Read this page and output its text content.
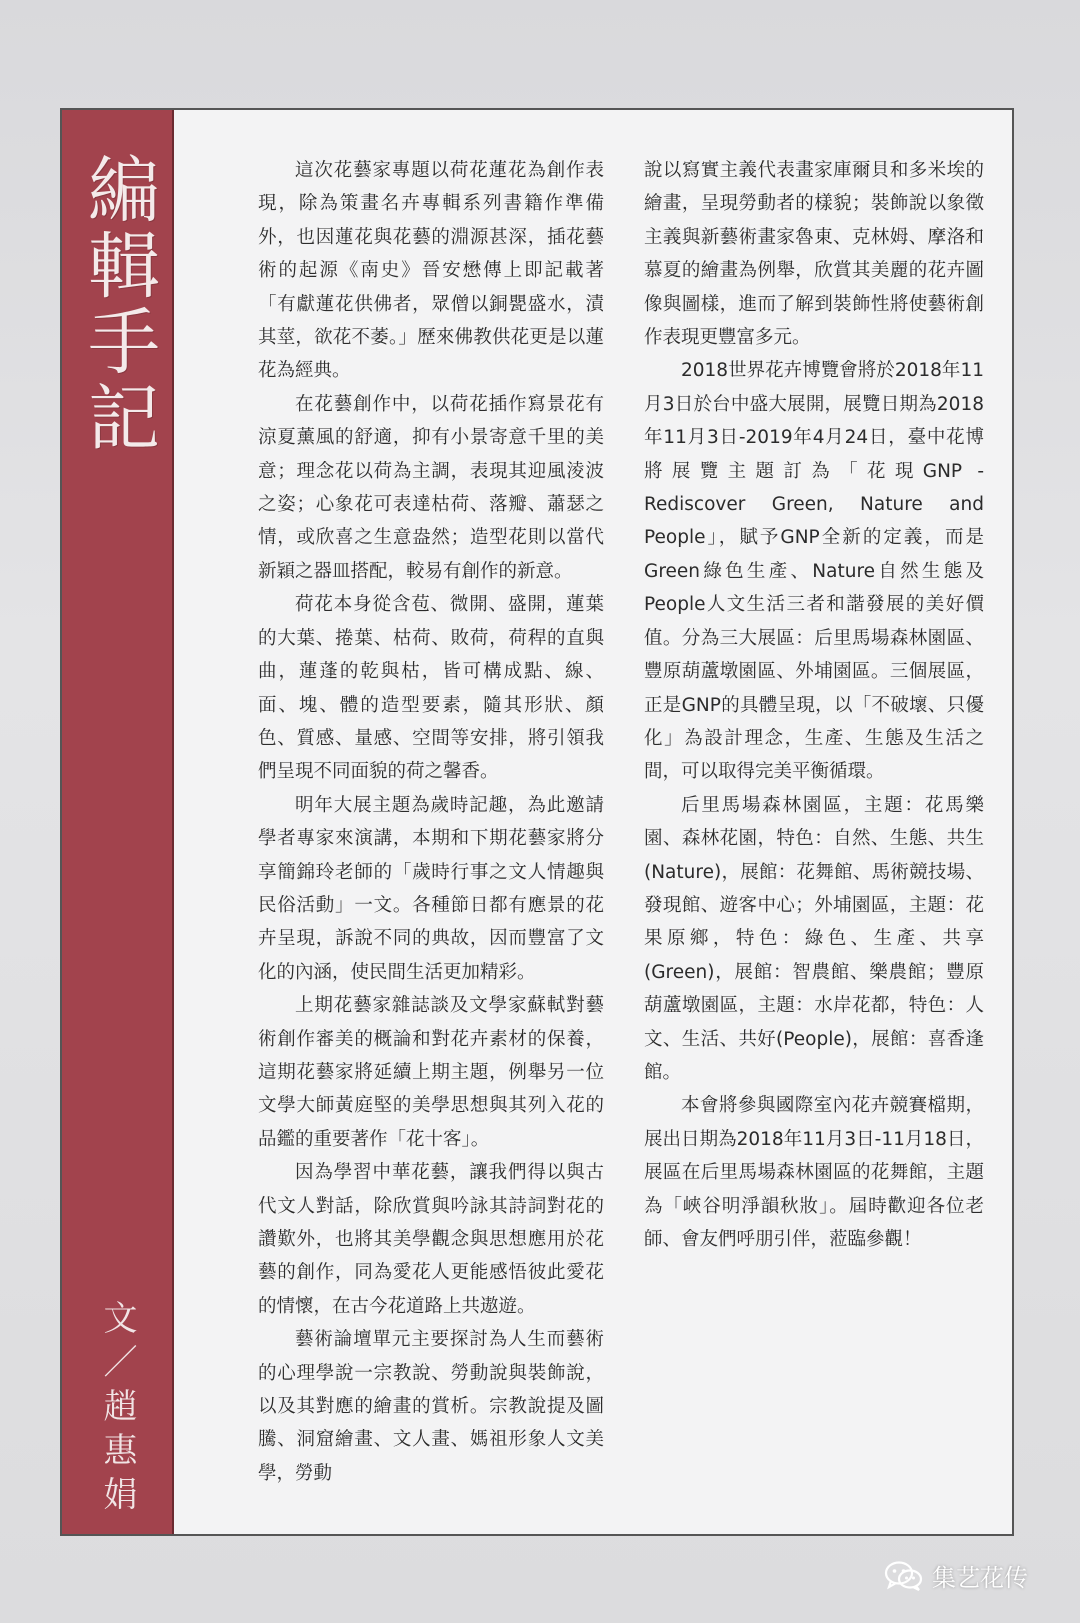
編輯手記
文／趙惠娟

這次花藝家專題以荷花蓮花為創作表現，除為策畫名卉專輯系列書籍作準備外，也因蓮花與花藝的淵源甚深，插花藝術的起源《南史》晉安懋傳上即記載著「有獻蓮花供佛者，眾僧以銅甖盛水，漬其莖，欲花不萎。」歷來佛教供花更是以蓮花為經典。

在花藝創作中，以荷花插作寫景花有涼夏薰風的舒適，抑有小景寄意千里的美意；理念花以荷為主調，表現其迎風淩波之姿；心象花可表達枯荷、落瓣、蕭瑟之情，或欣喜之生意盎然；造型花則以當代新穎之器皿搭配，較易有創作的新意。

荷花本身從含苞、微開、盛開，蓮葉的大葉、捲葉、枯荷、敗荷，荷稈的直與曲，蓮蓬的乾與枯，皆可構成點、線、面、塊、體的造型要素，隨其形狀、顏色、質感、量感、空間等安排，將引領我們呈現不同面貌的荷之馨香。

明年大展主題為歲時記趣，為此邀請學者專家來演講，本期和下期花藝家將分享簡錦玲老師的「歲時行事之文人情趣與民俗活動」一文。各種節日都有應景的花卉呈現，訴說不同的典故，因而豐富了文化的內涵，使民間生活更加精彩。

上期花藝家雜誌談及文學家蘇軾對藝術創作審美的概論和對花卉素材的保養，這期花藝家將延續上期主題，例舉另一位文學大師黃庭堅的美學思想與其列入花的品鑑的重要著作「花十客」。

因為學習中華花藝，讓我們得以與古代文人對話，除欣賞與吟詠其詩詞對花的讚歎外，也將其美學觀念與思想應用於花藝的創作，同為愛花人更能感悟彼此愛花的情懷，在古今花道路上共遨遊。

藝術論壇單元主要探討為人生而藝術的心理學說一宗教說、勞動說與裝飾說，以及其對應的繪畫的賞析。宗教說提及圖騰、洞窟繪畫、文人畫、媽祖形象人文美學，勞動

說以寫實主義代表畫家庫爾貝和多米埃的繪畫，呈現勞動者的樣貌；裝飾說以象徵主義與新藝術畫家魯東、克林姆、摩洛和慕夏的繪畫為例舉，欣賞其美麗的花卉圖像與圖樣，進而了解到裝飾性將使藝術創作表現更豐富多元。

2018世界花卉博覽會將於2018年11月3日於台中盛大展開，展覽日期為2018年11月3日-2019年4月24日，臺中花博將展覽主題訂為「花現GNP - Rediscover Green, Nature and People」，賦予GNP全新的定義，而是Green綠色生產、Nature自然生態及People人文生活三者和諧發展的美好價值。分為三大展區：后里馬場森林園區、豐原葫蘆墩園區、外埔園區。三個展區，正是GNP的具體呈現，以「不破壞、只優化」為設計理念，生產、生態及生活之間，可以取得完美平衡循環。

后里馬場森林園區，主題：花馬樂園、森林花園，特色：自然、生態、共生(Nature)，展館：花舞館、馬術競技場、發現館、遊客中心；外埔園區，主題：花果原鄉，特色：綠色、生產、共享(Green)，展館：智農館、樂農館；豐原葫蘆墩園區，主題：水岸花都，特色：人文、生活、共好(People)，展館：喜香逢館。

本會將參與國際室內花卉競賽檔期，展出日期為2018年11月3日-11月18日，展區在后里馬場森林園區的花舞館，主題為「峽谷明淨韻秋妝」。屆時歡迎各位老師、會友們呼朋引伴，蒞臨參觀！

集艺花传
